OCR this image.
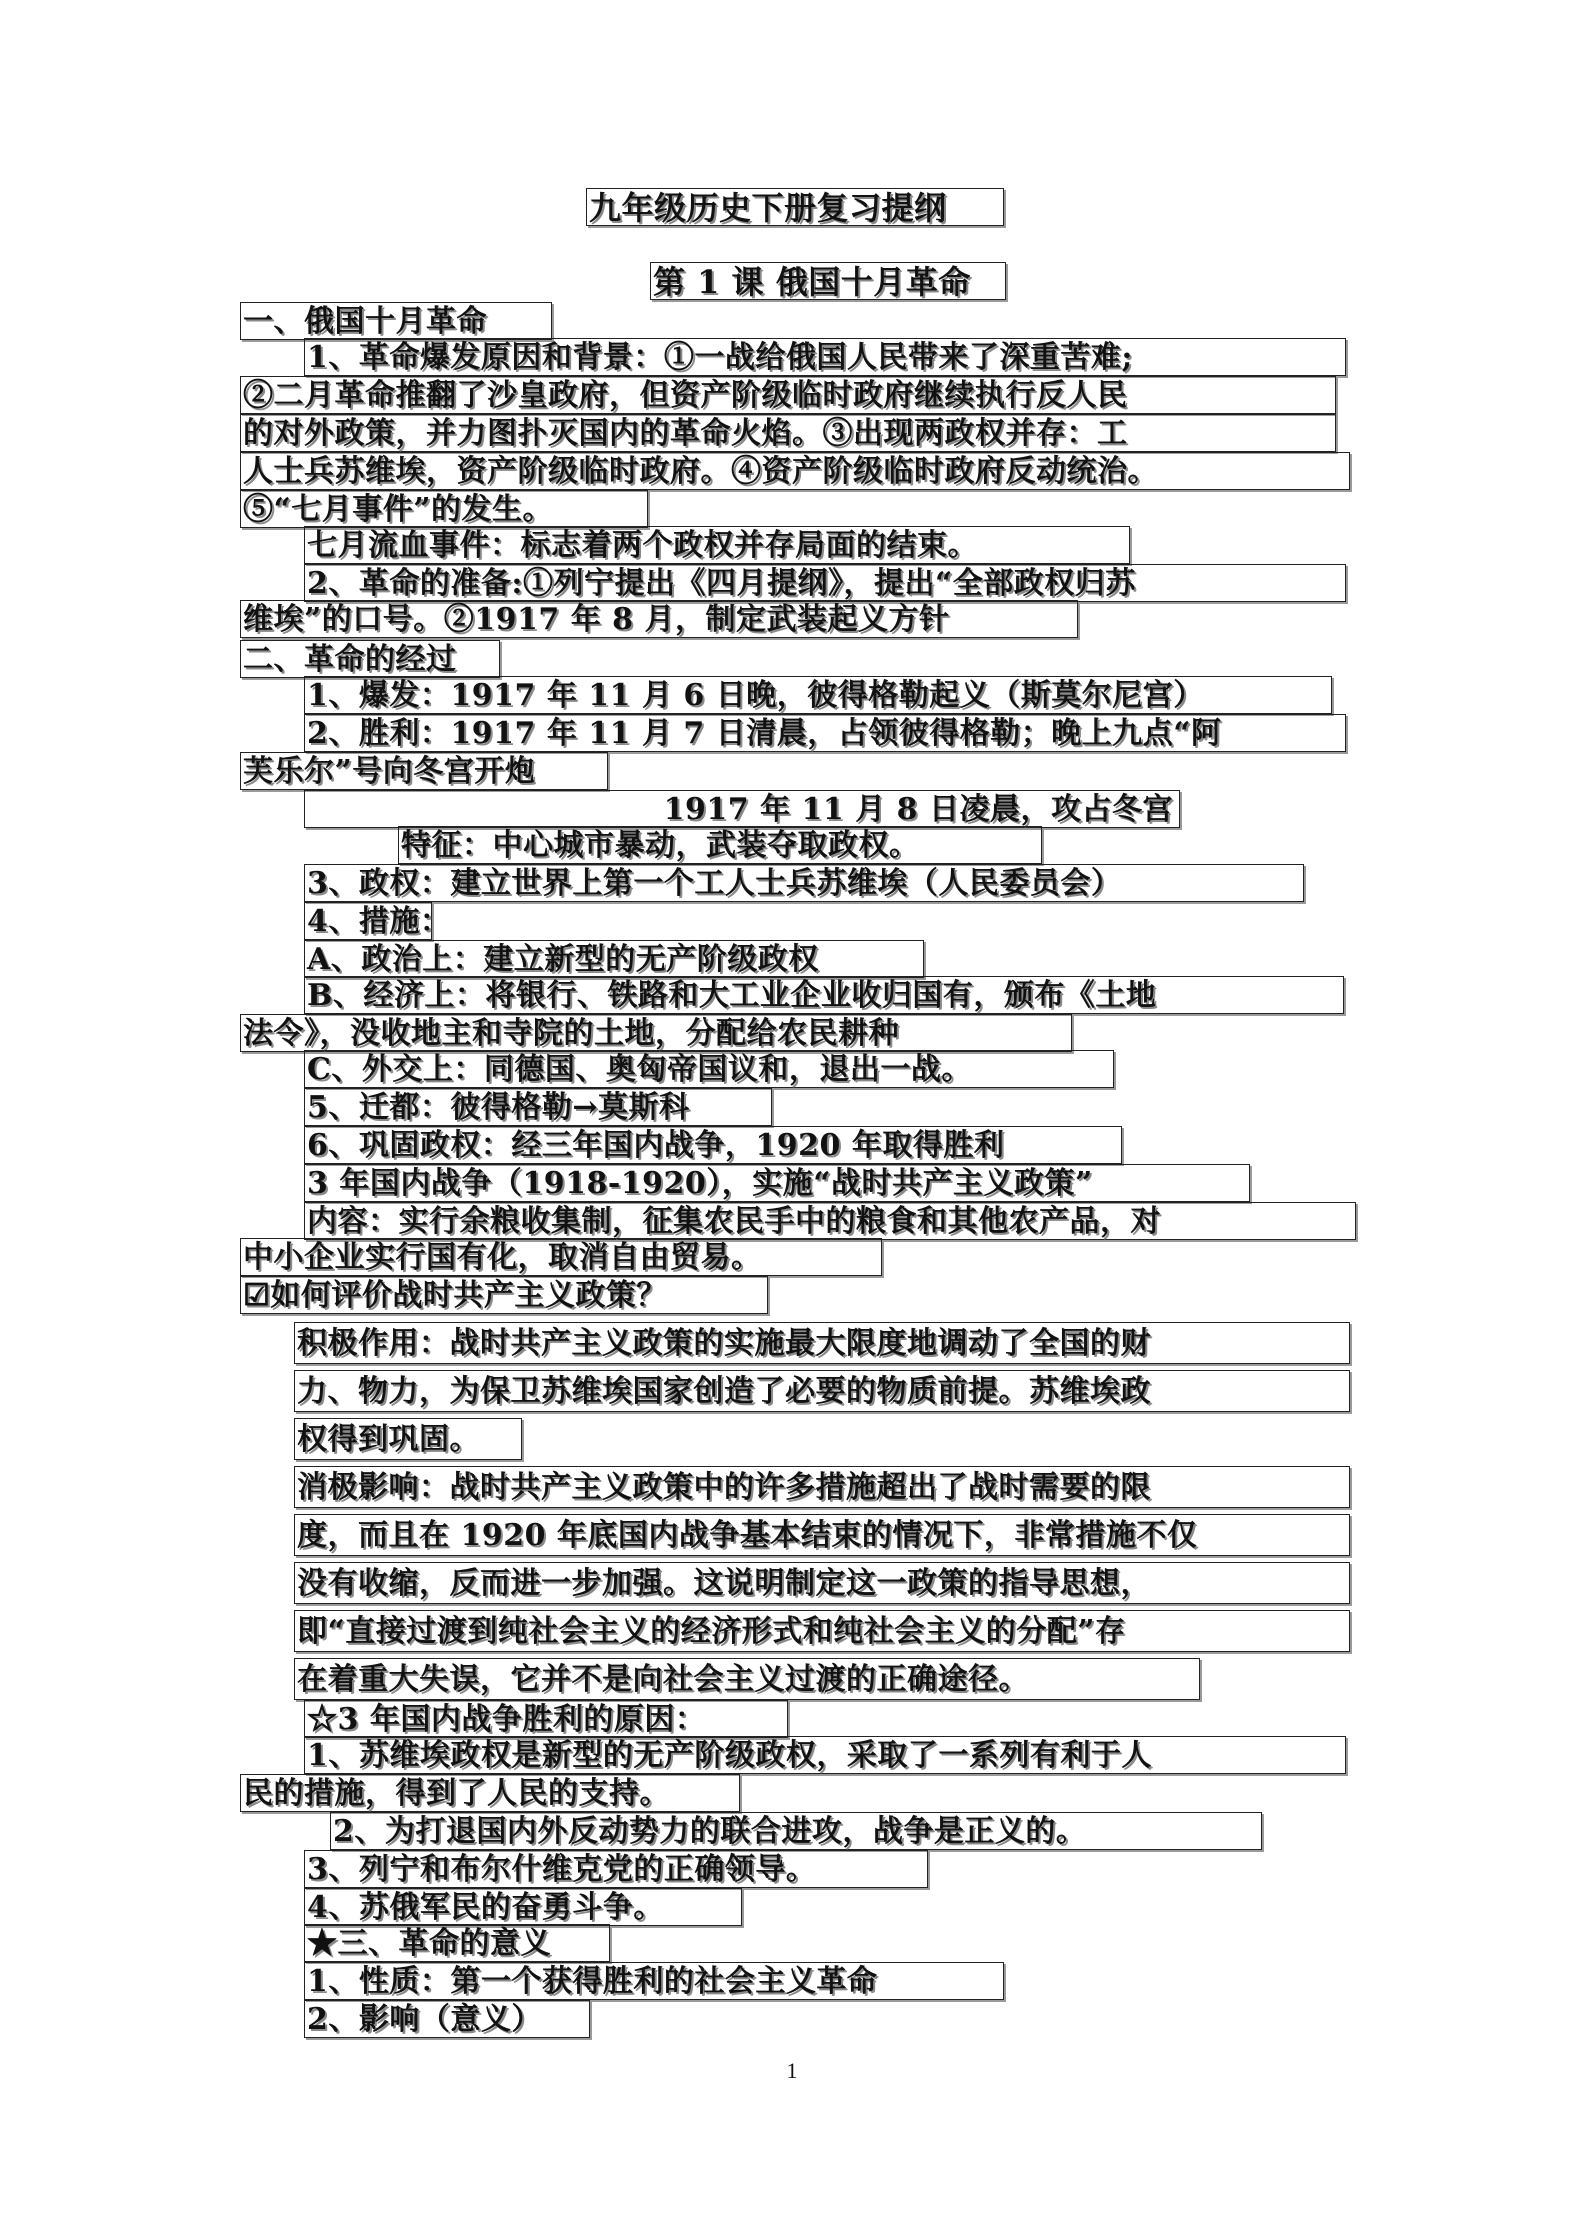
九年级历史下册复习提纲
第 1 课 俄国十月革命
一、俄国十月革命
1、革命爆发原因和背景：①一战给俄国人民带来了深重苦难;
②二月革命推翻了沙皇政府，但资产阶级临时政府继续执行反人民
的对外政策，并力图扑灭国内的革命火焰。③出现两政权并存：工
人士兵苏维埃，资产阶级临时政府。④资产阶级临时政府反动统治。
⑤“七月事件”的发生。
七月流血事件：标志着两个政权并存局面的结束。
2、革命的准备:①列宁提出《四月提纲》，提出“全部政权归苏
维埃”的口号。②1917 年 8 月，制定武装起义方针
二、革命的经过
1、爆发：1917 年 11 月 6 日晚，彼得格勒起义（斯莫尔尼宫）
2、胜利：1917 年 11 月 7 日清晨，占领彼得格勒；晚上九点“阿
芙乐尔”号向冬宫开炮
1917 年 11 月 8 日凌晨，攻占冬宫
特征：中心城市暴动，武装夺取政权。
3、政权：建立世界上第一个工人士兵苏维埃（人民委员会）
4、措施：
A、政治上：建立新型的无产阶级政权
B、经济上：将银行、铁路和大工业企业收归国有，颁布《土地
法令》，没收地主和寺院的土地，分配给农民耕种
C、外交上：同德国、奥匈帝国议和，退出一战。
5、迁都：彼得格勒→莫斯科
6、巩固政权：经三年国内战争，1920 年取得胜利
3 年国内战争（1918-1920），实施“战时共产主义政策”
内容：实行余粮收集制，征集农民手中的粮食和其他农产品，对
中小企业实行国有化，取消自由贸易。
☑如何评价战时共产主义政策？
积极作用：战时共产主义政策的实施最大限度地调动了全国的财
力、物力，为保卫苏维埃国家创造了必要的物质前提。苏维埃政
权得到巩固。
消极影响：战时共产主义政策中的许多措施超出了战时需要的限
度，而且在 1920 年底国内战争基本结束的情况下，非常措施不仅
没有收缩，反而进一步加强。这说明制定这一政策的指导思想，
即“直接过渡到纯社会主义的经济形式和纯社会主义的分配”存
在着重大失误，它并不是向社会主义过渡的正确途径。
☆3 年国内战争胜利的原因：
1、苏维埃政权是新型的无产阶级政权，采取了一系列有利于人
民的措施，得到了人民的支持。
2、为打退国内外反动势力的联合进攻，战争是正义的。
3、列宁和布尔什维克党的正确领导。
4、苏俄军民的奋勇斗争。
★三、革命的意义
1、性质：第一个获得胜利的社会主义革命
2、影响（意义）
1
